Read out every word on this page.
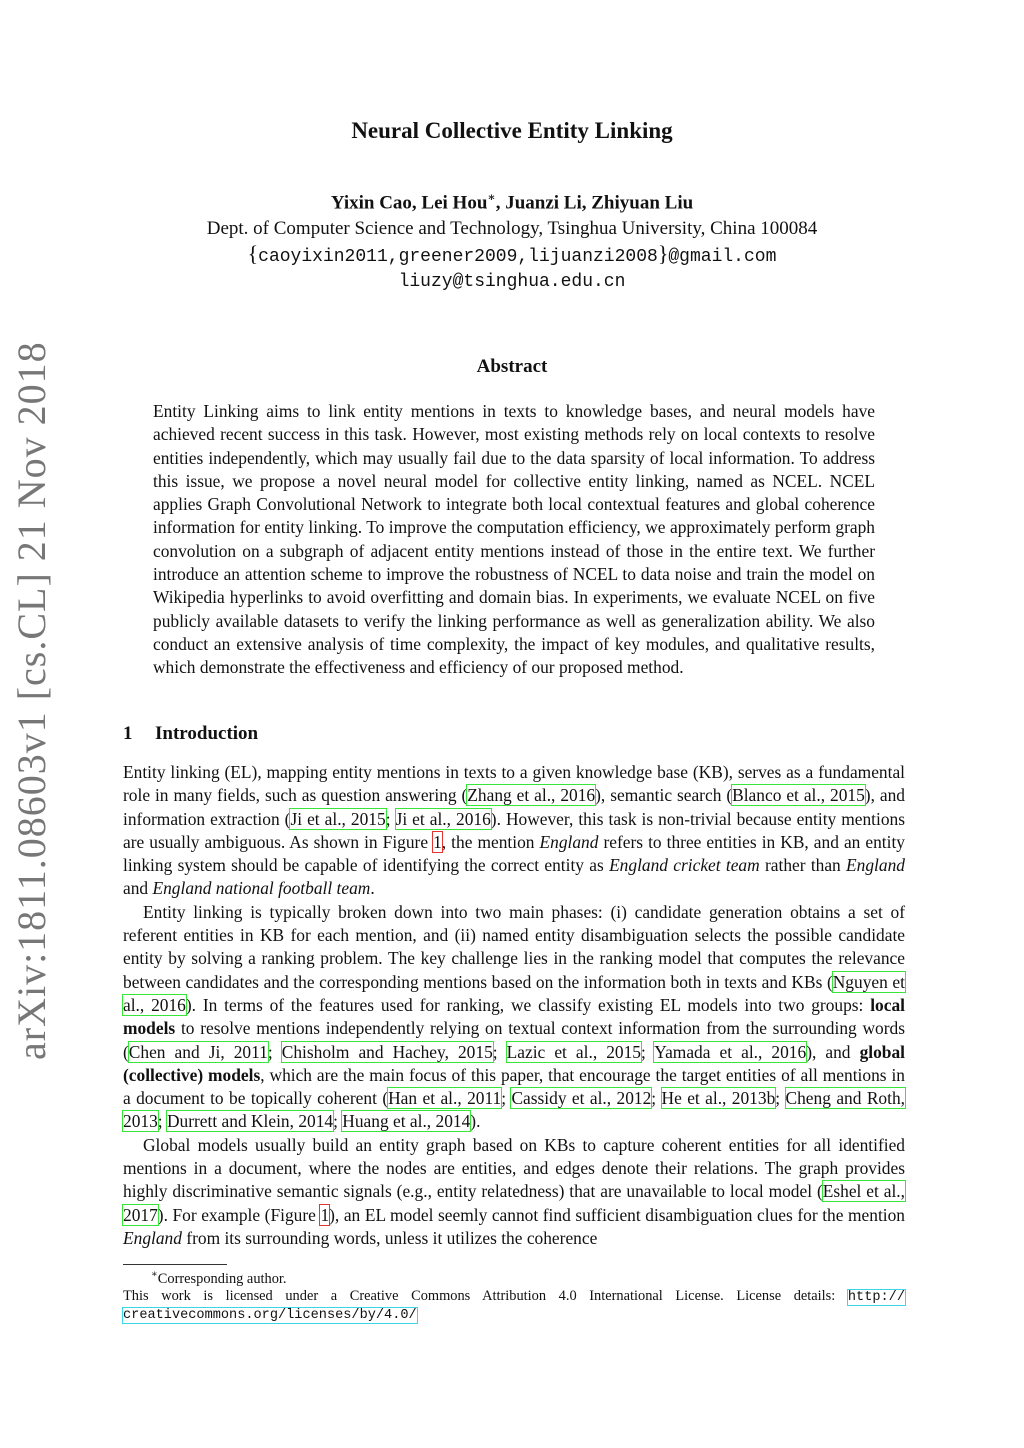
arXiv:1811.08603v1 [cs.CL] 21 Nov 2018
Neural Collective Entity Linking
Yixin Cao, Lei Hou∗, Juanzi Li, Zhiyuan Liu
Dept. of Computer Science and Technology, Tsinghua University, China 100084
{caoyixin2011,greener2009,lijuanzi2008}@gmail.com
liuzy@tsinghua.edu.cn
Abstract
Entity Linking aims to link entity mentions in texts to knowledge bases, and neural models have achieved recent success in this task. However, most existing methods rely on local contexts to resolve entities independently, which may usually fail due to the data sparsity of local information. To address this issue, we propose a novel neural model for collective entity linking, named as NCEL. NCEL applies Graph Convolutional Network to integrate both local contextual features and global coherence information for entity linking. To improve the computation efficiency, we approximately perform graph convolution on a subgraph of adjacent entity mentions instead of those in the entire text. We further introduce an attention scheme to improve the robustness of NCEL to data noise and train the model on Wikipedia hyperlinks to avoid overfitting and domain bias. In experiments, we evaluate NCEL on five publicly available datasets to verify the linking performance as well as generalization ability. We also conduct an extensive analysis of time complexity, the impact of key modules, and qualitative results, which demonstrate the effectiveness and efficiency of our proposed method.
1 Introduction

Entity linking (EL), mapping entity mentions in texts to a given knowledge base (KB), serves as a fundamental role in many fields, such as question answering (Zhang et al., 2016), semantic search (Blanco et al., 2015), and information extraction (Ji et al., 2015; Ji et al., 2016). However, this task is non-trivial because entity mentions are usually ambiguous. As shown in Figure 1, the mention England refers to three entities in KB, and an entity linking system should be capable of identifying the correct entity as England cricket team rather than England and England national football team.

Entity linking is typically broken down into two main phases: (i) candidate generation obtains a set of referent entities in KB for each mention, and (ii) named entity disambiguation selects the possible candidate entity by solving a ranking problem. The key challenge lies in the ranking model that computes the relevance between candidates and the corresponding mentions based on the information both in texts and KBs (Nguyen et al., 2016). In terms of the features used for ranking, we classify existing EL models into two groups: local models to resolve mentions independently relying on textual context information from the surrounding words (Chen and Ji, 2011; Chisholm and Hachey, 2015; Lazic et al., 2015; Yamada et al., 2016), and global (collective) models, which are the main focus of this paper, that encourage the target entities of all mentions in a document to be topically coherent (Han et al., 2011; Cassidy et al., 2012; He et al., 2013b; Cheng and Roth, 2013; Durrett and Klein, 2014; Huang et al., 2014).

Global models usually build an entity graph based on KBs to capture coherent entities for all identified mentions in a document, where the nodes are entities, and edges denote their relations. The graph provides highly discriminative semantic signals (e.g., entity relatedness) that are unavailable to local model (Eshel et al., 2017). For example (Figure 1), an EL model seemly cannot find sufficient disambiguation clues for the mention England from its surrounding words, unless it utilizes the coherence

∗Corresponding author.
This work is licensed under a Creative Commons Attribution 4.0 International License. License details: http://
creativecommons.org/licenses/by/4.0/
